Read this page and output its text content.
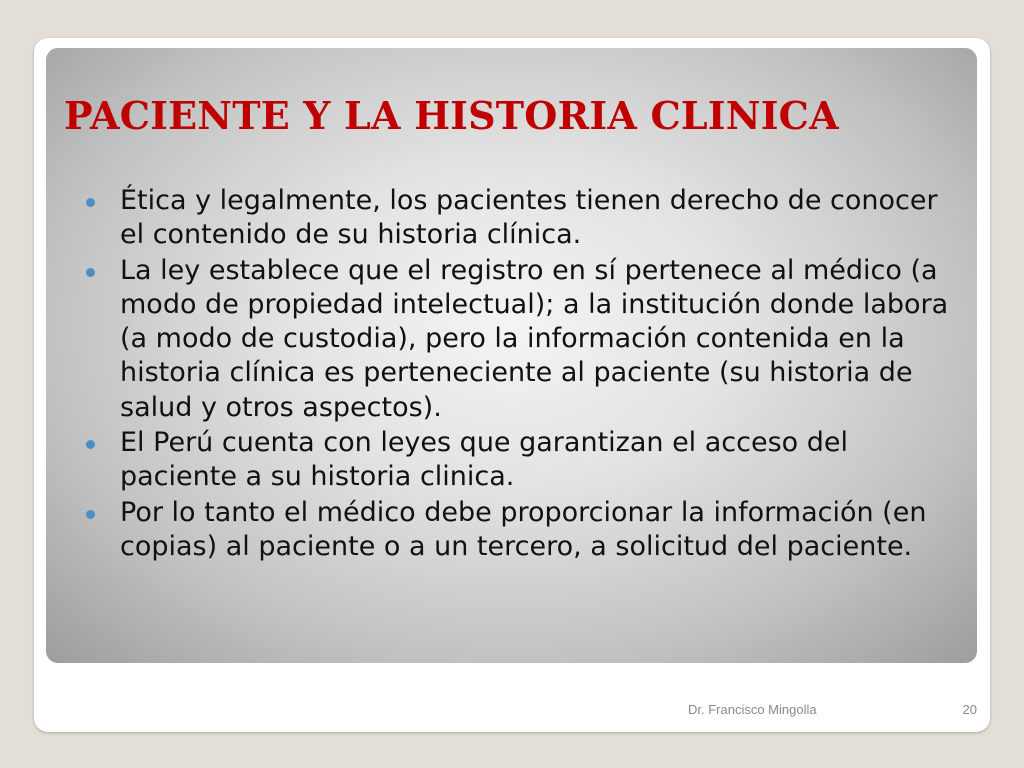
PACIENTE Y LA HISTORIA CLINICA
Ética y legalmente, los pacientes tienen derecho de conocer el contenido de su historia clínica.
La ley establece que el registro en sí pertenece al médico (a modo de propiedad intelectual); a la institución donde labora (a modo de custodia), pero la información contenida en la historia clínica es perteneciente al paciente (su historia de salud y otros aspectos).
El Perú cuenta con leyes que garantizan el acceso del paciente a su historia clinica.
Por lo tanto el médico debe proporcionar la información (en copias) al paciente o a un tercero, a solicitud del paciente.
Dr. Francisco Mingolla	20
